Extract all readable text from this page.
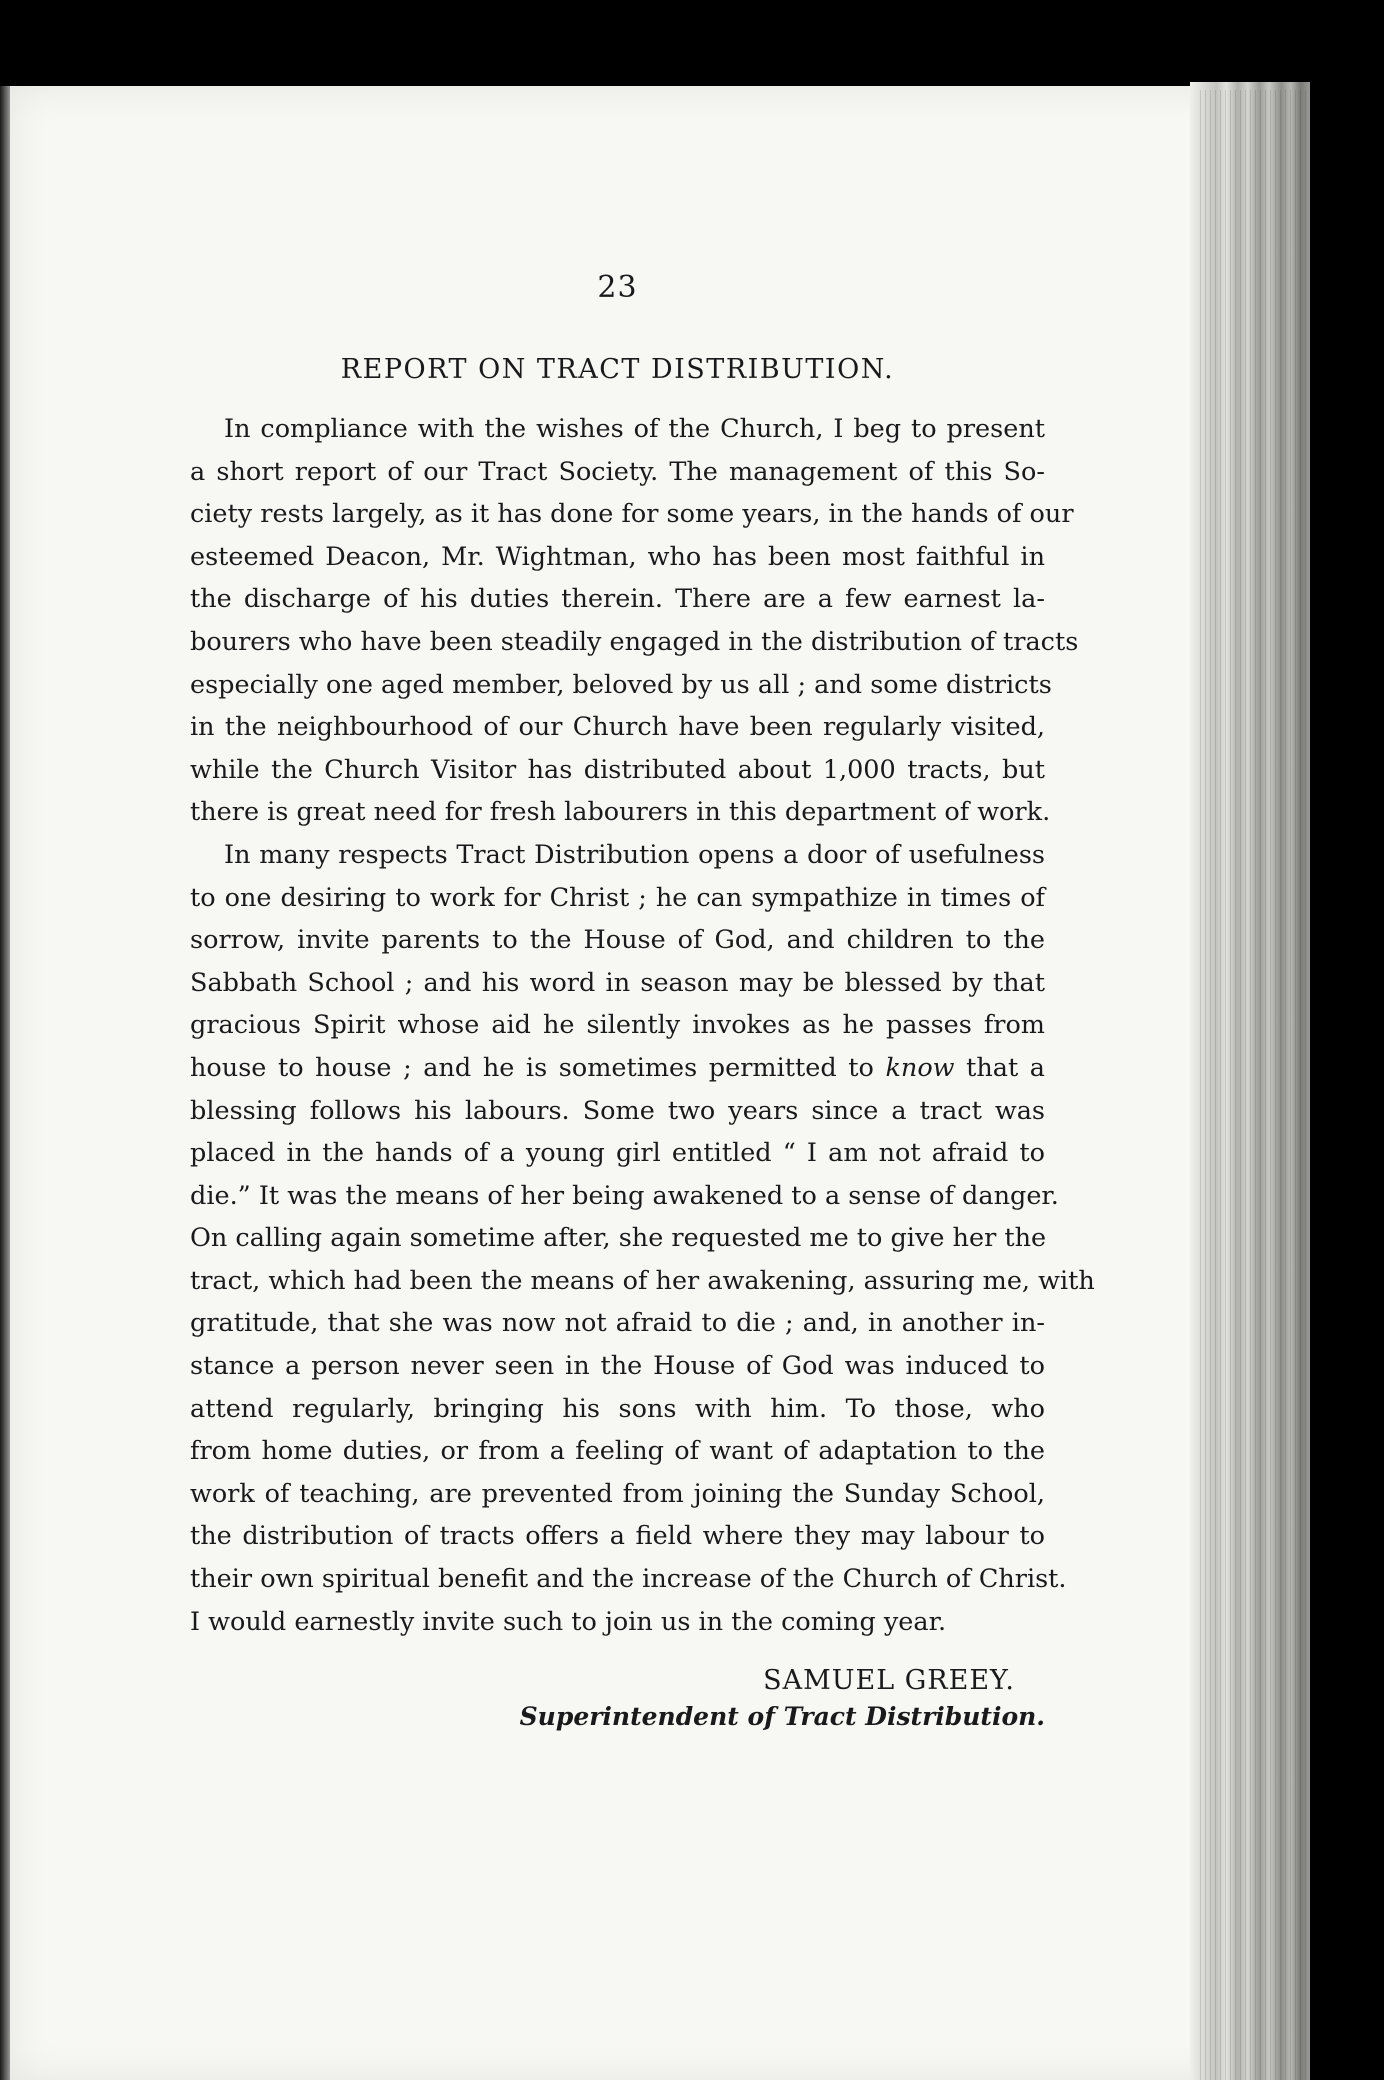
23
REPORT ON TRACT DISTRIBUTION.

In compliance with the wishes of the Church, I beg to present
a short report of our Tract Society. The management of this So-
ciety rests largely, as it has done for some years, in the hands of our
esteemed Deacon, Mr. Wightman, who has been most faithful in
the discharge of his duties therein. There are a few earnest la-
bourers who have been steadily engaged in the distribution of tracts
especially one aged member, beloved by us all ; and some districts
in the neighbourhood of our Church have been regularly visited,
while the Church Visitor has distributed about 1,000 tracts, but
there is great need for fresh labourers in this department of work.

In many respects Tract Distribution opens a door of usefulness
to one desiring to work for Christ ; he can sympathize in times of
sorrow, invite parents to the House of God, and children to the
Sabbath School ; and his word in season may be blessed by that
gracious Spirit whose aid he silently invokes as he passes from
house to house ; and he is sometimes permitted to know that a
blessing follows his labours. Some two years since a tract was
placed in the hands of a young girl entitled “ I am not afraid to
die.” It was the means of her being awakened to a sense of danger.
On calling again sometime after, she requested me to give her the
tract, which had been the means of her awakening, assuring me, with
gratitude, that she was now not afraid to die ; and, in another in-
stance a person never seen in the House of God was induced to
attend regularly, bringing his sons with him. To those, who
from home duties, or from a feeling of want of adaptation to the
work of teaching, are prevented from joining the Sunday School,
the distribution of tracts offers a field where they may labour to
their own spiritual benefit and the increase of the Church of Christ.
I would earnestly invite such to join us in the coming year.

SAMUEL GREEY.
Superintendent of Tract Distribution.
